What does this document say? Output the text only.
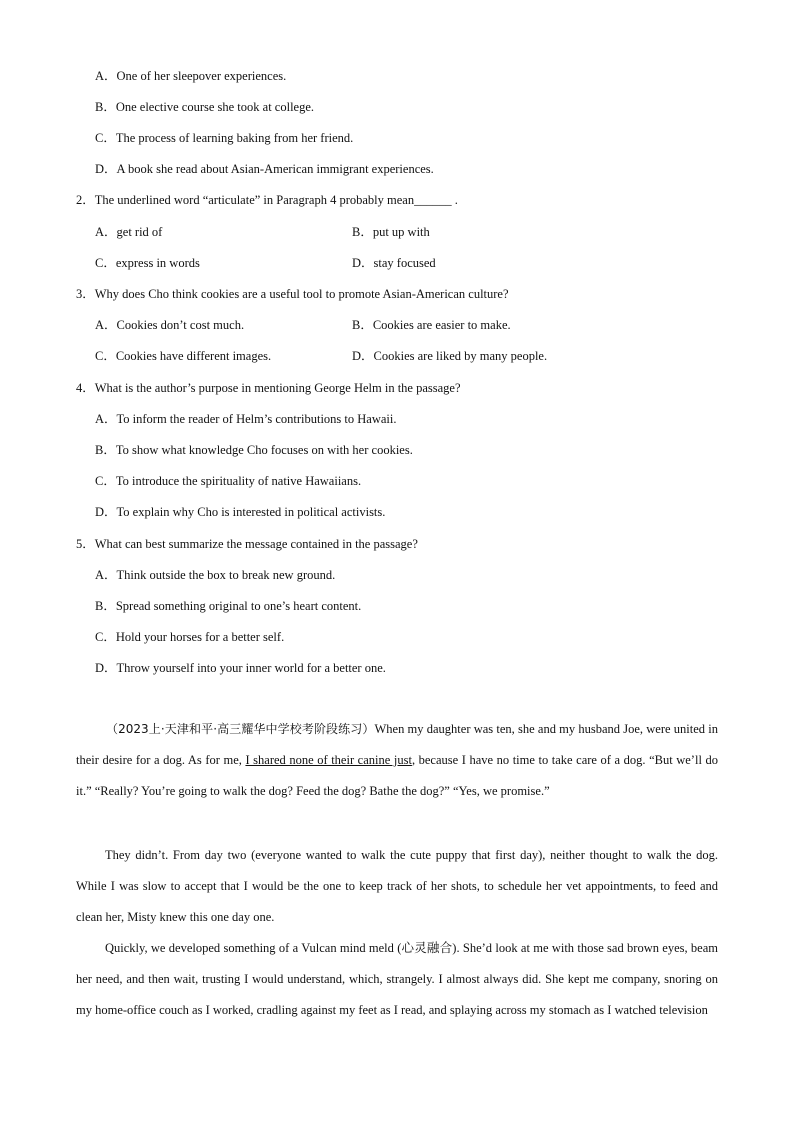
A．One of her sleepover experiences.
B．One elective course she took at college.
C．The process of learning baking from her friend.
D．A book she read about Asian-American immigrant experiences.
2．The underlined word “articulate” in Paragraph 4 probably mean______ .
A．get rid of	B．put up with
C．express in words	D．stay focused
3．Why does Cho think cookies are a useful tool to promote Asian-American culture?
A．Cookies don’t cost much.	B．Cookies are easier to make.
C．Cookies have different images.	D．Cookies are liked by many people.
4．What is the author’s purpose in mentioning George Helm in the passage?
A．To inform the reader of Helm’s contributions to Hawaii.
B．To show what knowledge Cho focuses on with her cookies.
C．To introduce the spirituality of native Hawaiians.
D．To explain why Cho is interested in political activists.
5．What can best summarize the message contained in the passage?
A．Think outside the box to break new ground.
B．Spread something original to one’s heart content.
C．Hold your horses for a better self.
D．Throw yourself into your inner world for a better one.
（2023上·天津和平·高三耀华中学校考阶段练习）When my daughter was ten, she and my husband Joe, were united in their desire for a dog. As for me, I shared none of their canine just, because I have no time to take care of a dog. “But we’ll do it.” “Really? You’re going to walk the dog? Feed the dog? Bathe the dog?” “Yes, we promise.”
They didn’t. From day two (everyone wanted to walk the cute puppy that first day), neither thought to walk the dog. While I was slow to accept that I would be the one to keep track of her shots, to schedule her vet appointments, to feed and clean her, Misty knew this one day one.
Quickly, we developed something of a Vulcan mind meld (心灵融合). She’d look at me with those sad brown eyes, beam her need, and then wait, trusting I would understand, which, strangely. I almost always did. She kept me company, snoring on my home-office couch as I worked, cradling against my feet as I read, and splaying across my stomach as I watched television
